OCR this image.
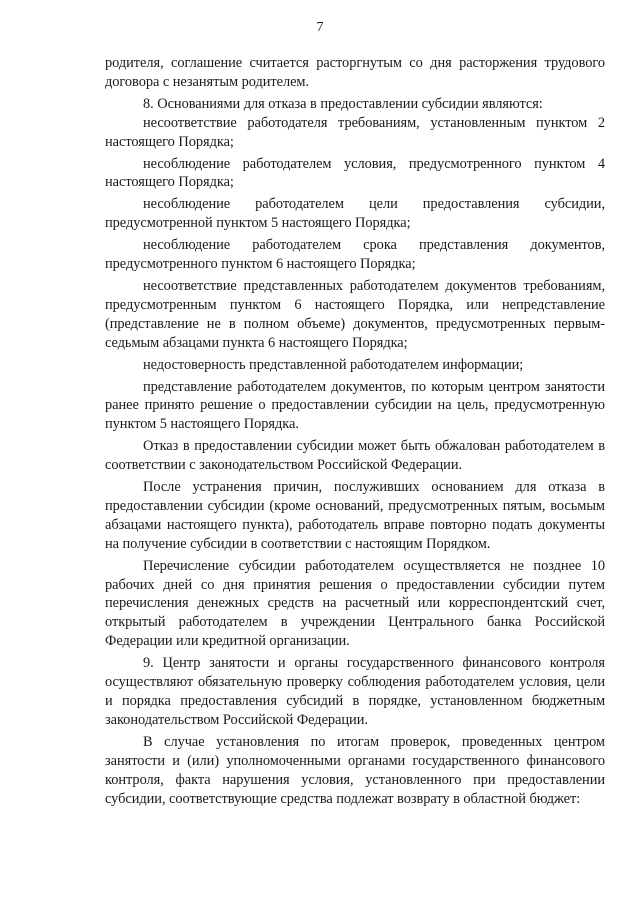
7

родителя, соглашение считается расторгнутым со дня расторжения трудового договора с незанятым родителем.

8. Основаниями для отказа в предоставлении субсидии являются:

несоответствие работодателя требованиям, установленным пунктом 2 настоящего Порядка;

несоблюдение работодателем условия, предусмотренного пунктом 4 настоящего Порядка;

несоблюдение работодателем цели предоставления субсидии, предусмотренной пунктом 5 настоящего Порядка;

несоблюдение работодателем срока представления документов, предусмотренного пунктом 6 настоящего Порядка;

несоответствие представленных работодателем документов требованиям, предусмотренным пунктом 6 настоящего Порядка, или непредставление (представление не в полном объеме) документов, предусмотренных первым-седьмым абзацами пункта 6 настоящего Порядка;

недостоверность представленной работодателем информации;

представление работодателем документов, по которым центром занятости ранее принято решение о предоставлении субсидии на цель, предусмотренную пунктом 5 настоящего Порядка.

Отказ в предоставлении субсидии может быть обжалован работодателем в соответствии с законодательством Российской Федерации.

После устранения причин, послуживших основанием для отказа в предоставлении субсидии (кроме оснований, предусмотренных пятым, восьмым абзацами настоящего пункта), работодатель вправе повторно подать документы на получение субсидии в соответствии с настоящим Порядком.

Перечисление субсидии работодателем осуществляется не позднее 10 рабочих дней со дня принятия решения о предоставлении субсидии путем перечисления денежных средств на расчетный или корреспондентский счет, открытый работодателем в учреждении Центрального банка Российской Федерации или кредитной организации.

9. Центр занятости и органы государственного финансового контроля осуществляют обязательную проверку соблюдения работодателем условия, цели и порядка предоставления субсидий в порядке, установленном бюджетным законодательством Российской Федерации.

В случае установления по итогам проверок, проведенных центром занятости и (или) уполномоченными органами государственного финансового контроля, факта нарушения условия, установленного при предоставлении субсидии, соответствующие средства подлежат возврату в областной бюджет:
